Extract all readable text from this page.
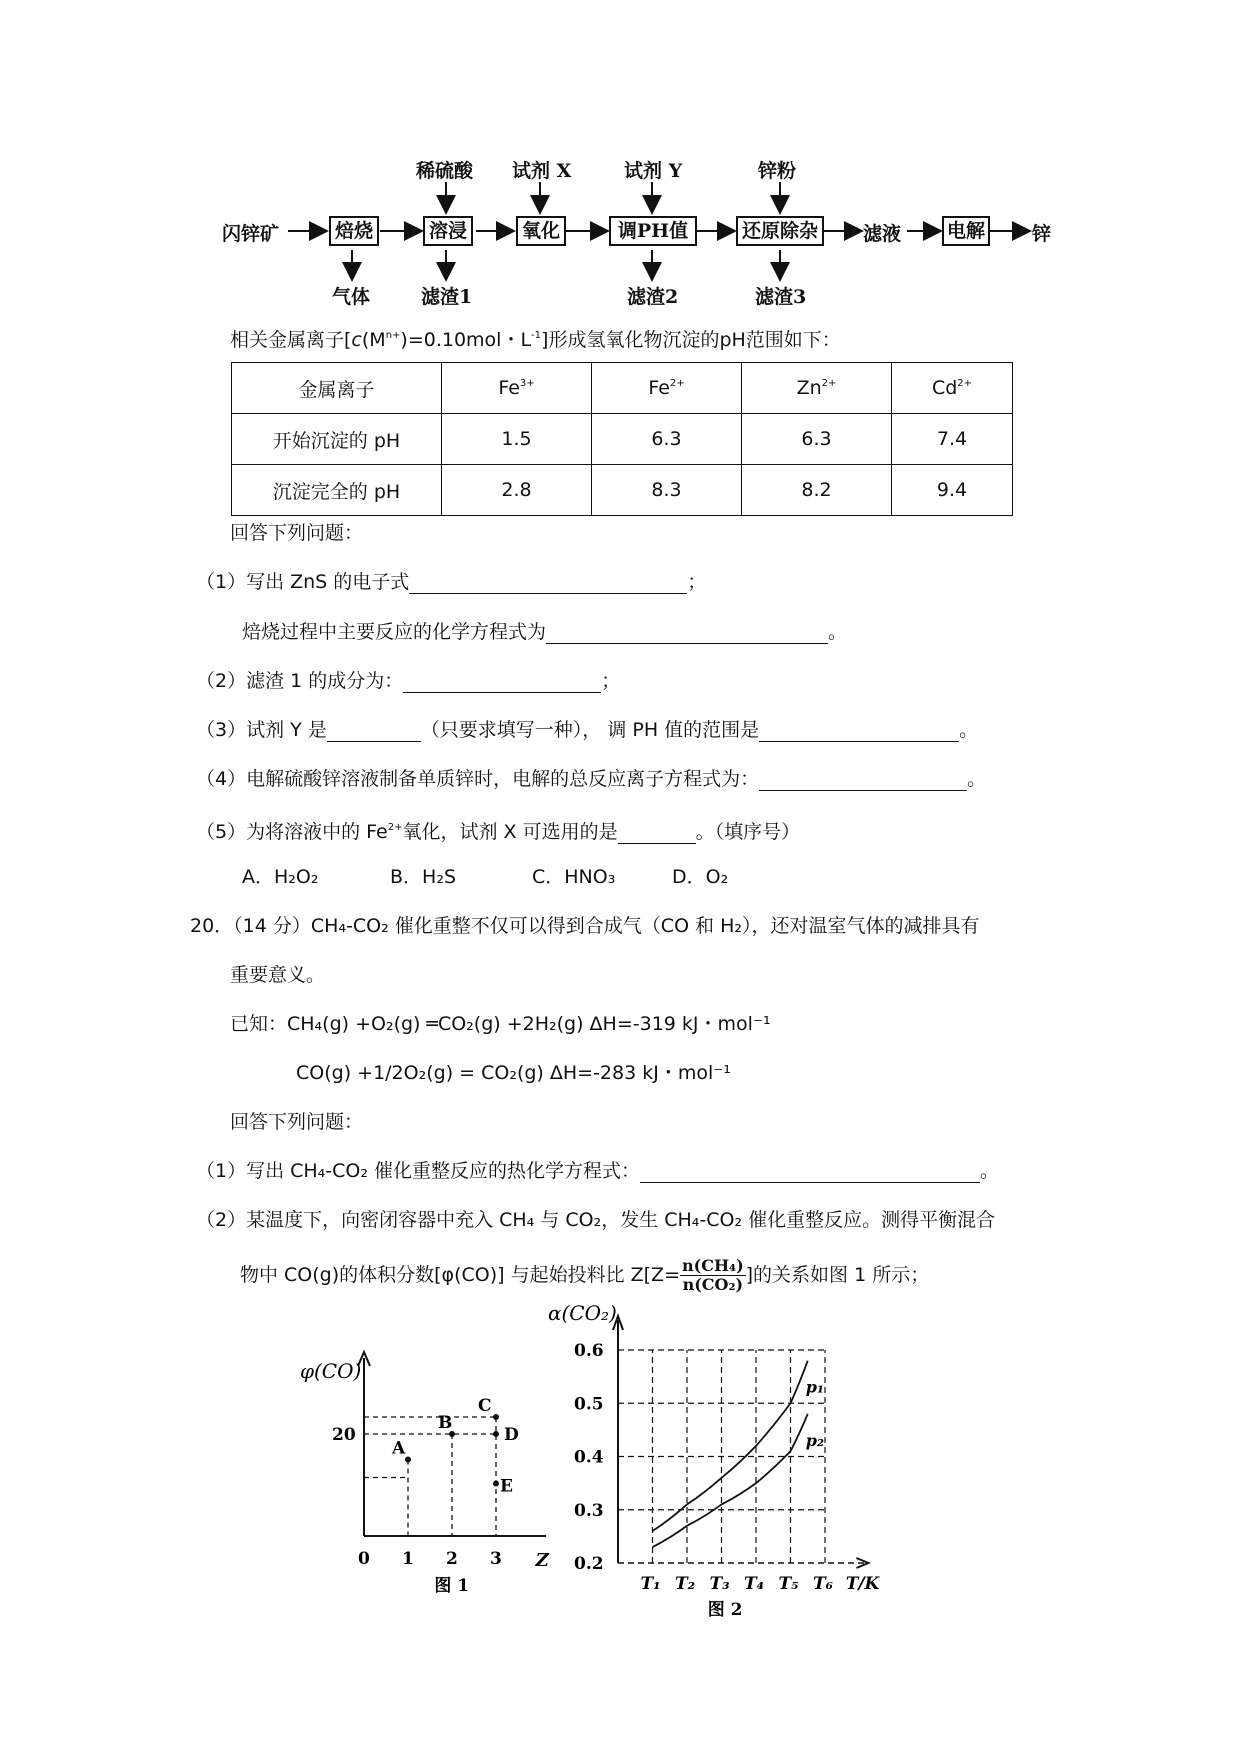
闪锌矿	焙烧	溶浸	氧化	调PH值	还原除杂	滤液 电解 锌
稀硫酸 试剂 X	试剂 Y	锌粉
气体	滤渣1	滤渣2	滤渣3
相关金属离子[$c(M^{n+})=0.10mol$・$L^{-1}$]形成氢氧化物沉淀的pH范围如下：
金属离子	$Fe^{3+}$	$Fe^{2+}$	$Zn^{2+}$	$Cd^{2+}$
开始沉淀的 pH	1.5	6.3	6.3	7.4
沉淀完全的 pH	2.8	8.3	8.2	9.4
回答下列问题：
（1）写出 ZnS 的电子式	；
焙烧过程中主要反应的化学方程式为	。
（2）滤渣 1 的成分为：	；
（3）试剂 Y 是	（只要求填写一种）， 调 PH 值的范围是	。
（4）电解硫酸锌溶液制备单质锌时，电解的总反应离子方程式为：	。
（5）为将溶液中的 $Fe^{2+}$氧化，试剂 X 可选用的是	。（填序号）
A．H₂O₂	B．H₂S	C．HNO₃	D．O₂
20．（14 分）CH₄-CO₂ 催化重整不仅可以得到合成气（CO 和 H₂），还对温室气体的减排具有
重要意义。
已知：CH₄(g) +O₂(g) ═CO₂(g) +2H₂(g) ΔH=-319 kJ・mol⁻¹
CO(g) +1/2O₂(g) = CO₂(g) ΔH=-283 kJ・mol⁻¹
回答下列问题：
（1）写出 CH₄-CO₂ 催化重整反应的热化学方程式：	。
（2）某温度下，向密闭容器中充入 CH₄ 与 CO₂，发生 CH₄-CO₂ 催化重整反应。测得平衡混合
物中 CO(g)的体积分数[φ(CO)] 与起始投料比 $Z[Z= \frac{\text{n(CH₄)}}{\text{n(CO₂)}}$ ]的关系如图 1 所示；
φ(CO)
0 1 2 3 Z
20
A
B
C
D
E
图 1
α(CO₂)
0.2
0.3
0.4
0.5
0.6
T₁ T₂ T₃ T₄ T₅ T₆ T/K
p₁
p₂
图 2
